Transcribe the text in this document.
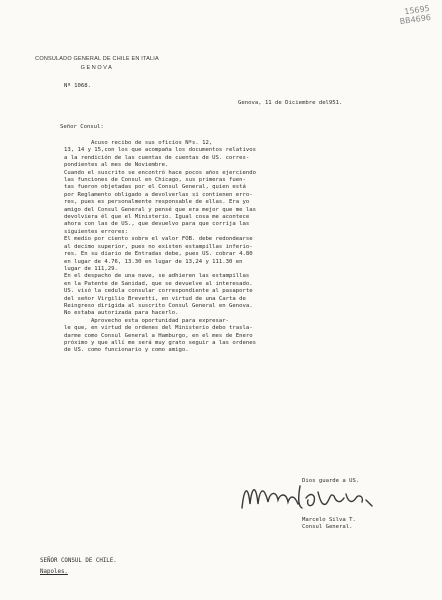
15695
BB4696
CONSULADO GENERAL DE CHILE EN ITALIA
GENOVA
Nº 1068.
Genova, 11 de Diciembre del951.
Señor Consul:
Acuso recibo de sus oficios Nºs. 12,
13, 14 y 15,con los que acompaña los documentos relativos
a la rendición de las cuentas de cuentas de US. corres-
pondientes al mes de Noviembre.
Cuando el suscrito se encontró hace pocos años ejerciendo
las funciones de Consul en Chicago, sus primeras fuen-
tas fueron objetadas por el Consul General, quien está
por Reglamento obligado a devolverlas si contienen erro-
res, pues es personalmente responsable de ellas. Era yo
amigo del Consul General y pensé que era mejor que me las
devolviera él que el Ministerio. Igual cosa me acontece
ahora con las de US., que devuelvo para que corrija las
siguientes errores:
El medio por ciento sobre el valor FOB. debe redondearse
al decimo superior, pues no existen estampillas inferio-
res. En su diario de Entradas debe, pues US. cobrar 4.80
en lugar de 4.76, 13.30 en lugar de 13,24 y 111.30 en
lugar de 111,29.
En el despacho de una nave, se adhieren las estampillas
en la Patente de Sanidad, que se devuelve al interesado.
US. visó la cedula consular correspondiente al pasaporte
del señor Virgilio Brevetti, en virtud de una Carta de
Reingreso dirigida al suscrito Consul General en Genova.
No estaba autorizada para hacerlo.
Aprovecho esta oportunidad para expresar-
le que, en virtud de ordenes del Ministerio debo trasla-
darme como Consul General a Hamburgo, en el mes de Enero
próximo y que allí me será muy grato seguir a las ordenes
de US. como funcionario y como amigo.
Dios guarde a US.
Marcelo Silva T.
Consul General.
SEÑOR CONSUL DE CHILE.
Napoles.
